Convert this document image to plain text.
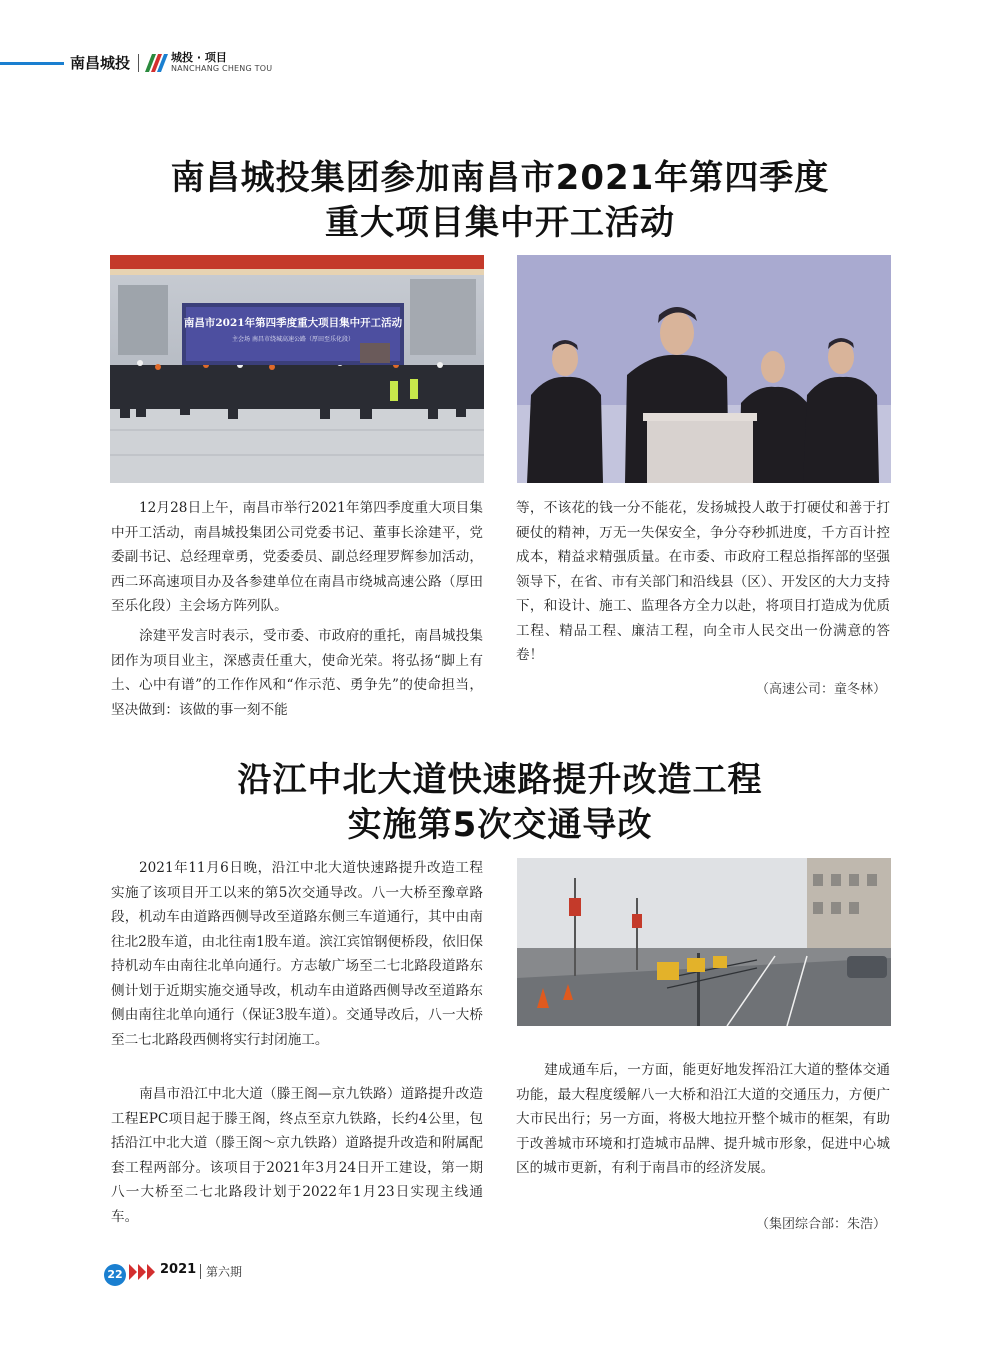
南昌城投	城投 · 项目
NANCHANG CHENG TOU
南昌城投集团参加南昌市2021年第四季度
重大项目集中开工活动
南昌市2021年第四季度重大项目集中开工活动
主会场 南昌市绕城高速公路（厚田至乐化段）

12月28日上午，南昌市举行2021年第四季度重大项目集中开工活动，南昌城投集团公司党委书记、董事长涂建平，党委副书记、总经理章勇，党委委员、副总经理罗辉参加活动，西二环高速项目办及各参建单位在南昌市绕城高速公路（厚田至乐化段）主会场方阵列队。

涂建平发言时表示，受市委、市政府的重托，南昌城投集团作为项目业主，深感责任重大，使命光荣。将弘扬“脚上有土、心中有谱”的工作作风和“作示范、勇争先”的使命担当，坚决做到：该做的事一刻不能

等，不该花的钱一分不能花，发扬城投人敢于打硬仗和善于打硬仗的精神，万无一失保安全，争分夺秒抓进度，千方百计控成本，精益求精强质量。在市委、市政府工程总指挥部的坚强领导下，在省、市有关部门和沿线县（区）、开发区的大力支持下，和设计、施工、监理各方全力以赴，将项目打造成为优质工程、精品工程、廉洁工程，向全市人民交出一份满意的答卷！

（高速公司：童冬林）
沿江中北大道快速路提升改造工程
实施第5次交通导改

2021年11月6日晚，沿江中北大道快速路提升改造工程实施了该项目开工以来的第5次交通导改。八一大桥至豫章路段，机动车由道路西侧导改至道路东侧三车道通行，其中由南往北2股车道，由北往南1股车道。滨江宾馆钢便桥段，依旧保持机动车由南往北单向通行。方志敏广场至二七北路段道路东侧计划于近期实施交通导改，机动车由道路西侧导改至道路东侧由南往北单向通行（保证3股车道）。交通导改后，八一大桥至二七北路段西侧将实行封闭施工。

南昌市沿江中北大道（滕王阁—京九铁路）道路提升改造工程EPC项目起于滕王阁，终点至京九铁路，长约4公里，包括沿江中北大道（滕王阁～京九铁路）道路提升改造和附属配套工程两部分。该项目于2021年3月24日开工建设，第一期八一大桥至二七北路段计划于2022年1月23日实现主线通车。

建成通车后，一方面，能更好地发挥沿江大道的整体交通功能，最大程度缓解八一大桥和沿江大道的交通压力，方便广大市民出行；另一方面，将极大地拉开整个城市的框架，有助于改善城市环境和打造城市品牌、提升城市形象，促进中心城区的城市更新，有利于南昌市的经济发展。

（集团综合部：朱浩）
22	2021 第六期
